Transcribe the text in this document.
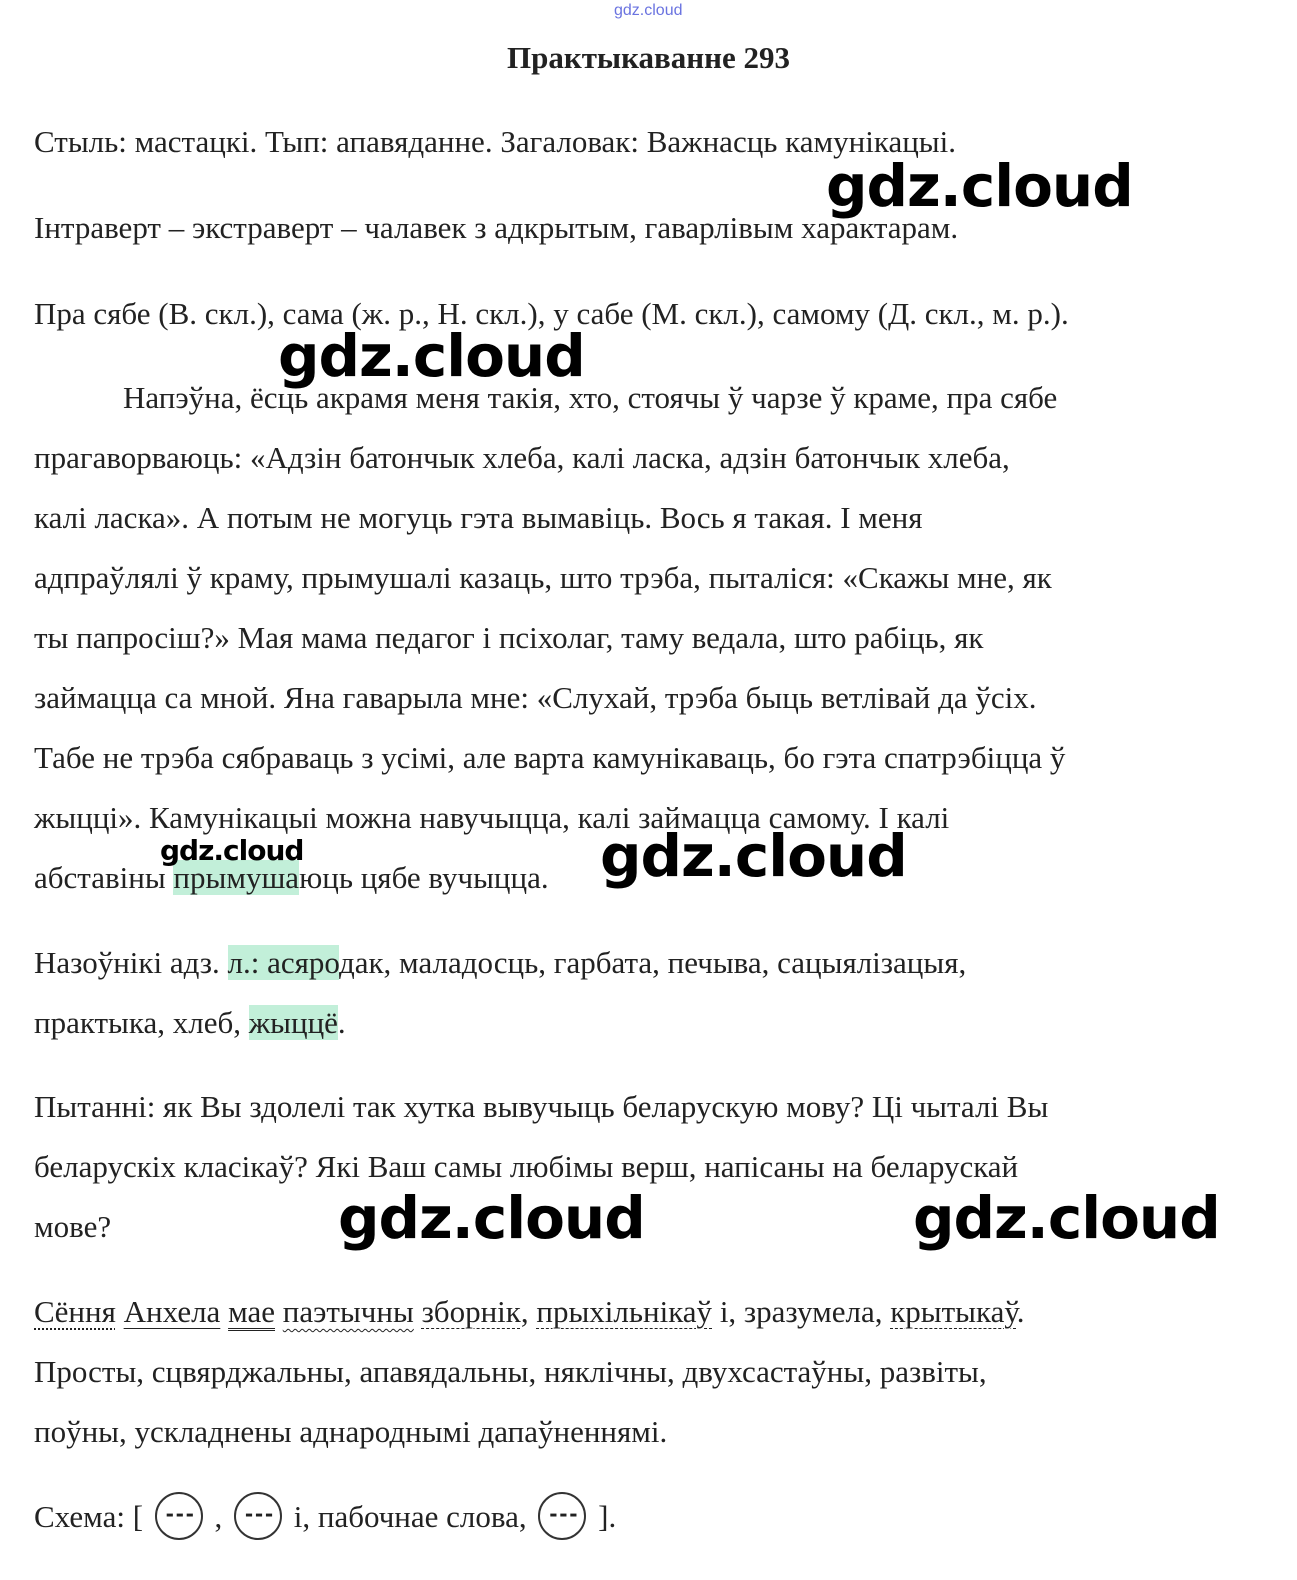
gdz.cloud
Практыкаванне 293
Стыль: мастацкі. Тып: апавяданне. Загаловак: Важнасць камунікацыі.
Інтраверт – экстраверт – чалавек з адкрытым, гаварлівым характарам.
Пра сябе (В. скл.), сама (ж. р., Н. скл.), у сабе (М. скл.), самому (Д. скл., м. р.).
Напэўна, ёсць акрамя меня такія, хто, стоячы ў чарзе ў краме, пра сябе
прагаворваюць: «Адзін батончык хлеба, калі ласка, адзін батончык хлеба,
калі ласка». А потым не могуць гэта вымавіць. Вось я такая. І меня
адпраўлялі ў краму, прымушалі казаць, што трэба, пыталіся: «Скажы мне, як
ты папросіш?» Мая мама педагог і псіхолаг, таму ведала, што рабіць, як
займацца са мной. Яна гаварыла мне: «Слухай, трэба быць ветлівай да ўсіх.
Табе не трэба сябраваць з усімі, але варта камунікаваць, бо гэта спатрэбіцца ў
жыцці». Камунікацыі можна навучыцца, калі займацца самому. І калі
абставіны прымушаюць цябе вучыцца.
Назоўнікі адз. л.: асяродак, маладосць, гарбата, печыва, сацыялізацыя,
практыка, хлеб, жыццё.
Пытанні: як Вы здолелі так хутка вывучыць беларускую мову? Ці чыталі Вы
беларускіх класікаў? Які Ваш самы любімы верш, напісаны на беларускай
мове?
Сёння Анхела мае паэтычны зборнік, прыхільнікаў і, зразумела, крытыкаў.
Просты, сцвярджальны, апавядальны, няклічны, двухсастаўны, развіты,
поўны, ускладнены аднароднымі дапаўненнямі.
Схема: [ --- , --- і, пабочнае слова, --- ].
gdz.cloud
gdz.cloud
gdz.cloud	gdz.cloud
gdz.cloud	gdz.cloud
